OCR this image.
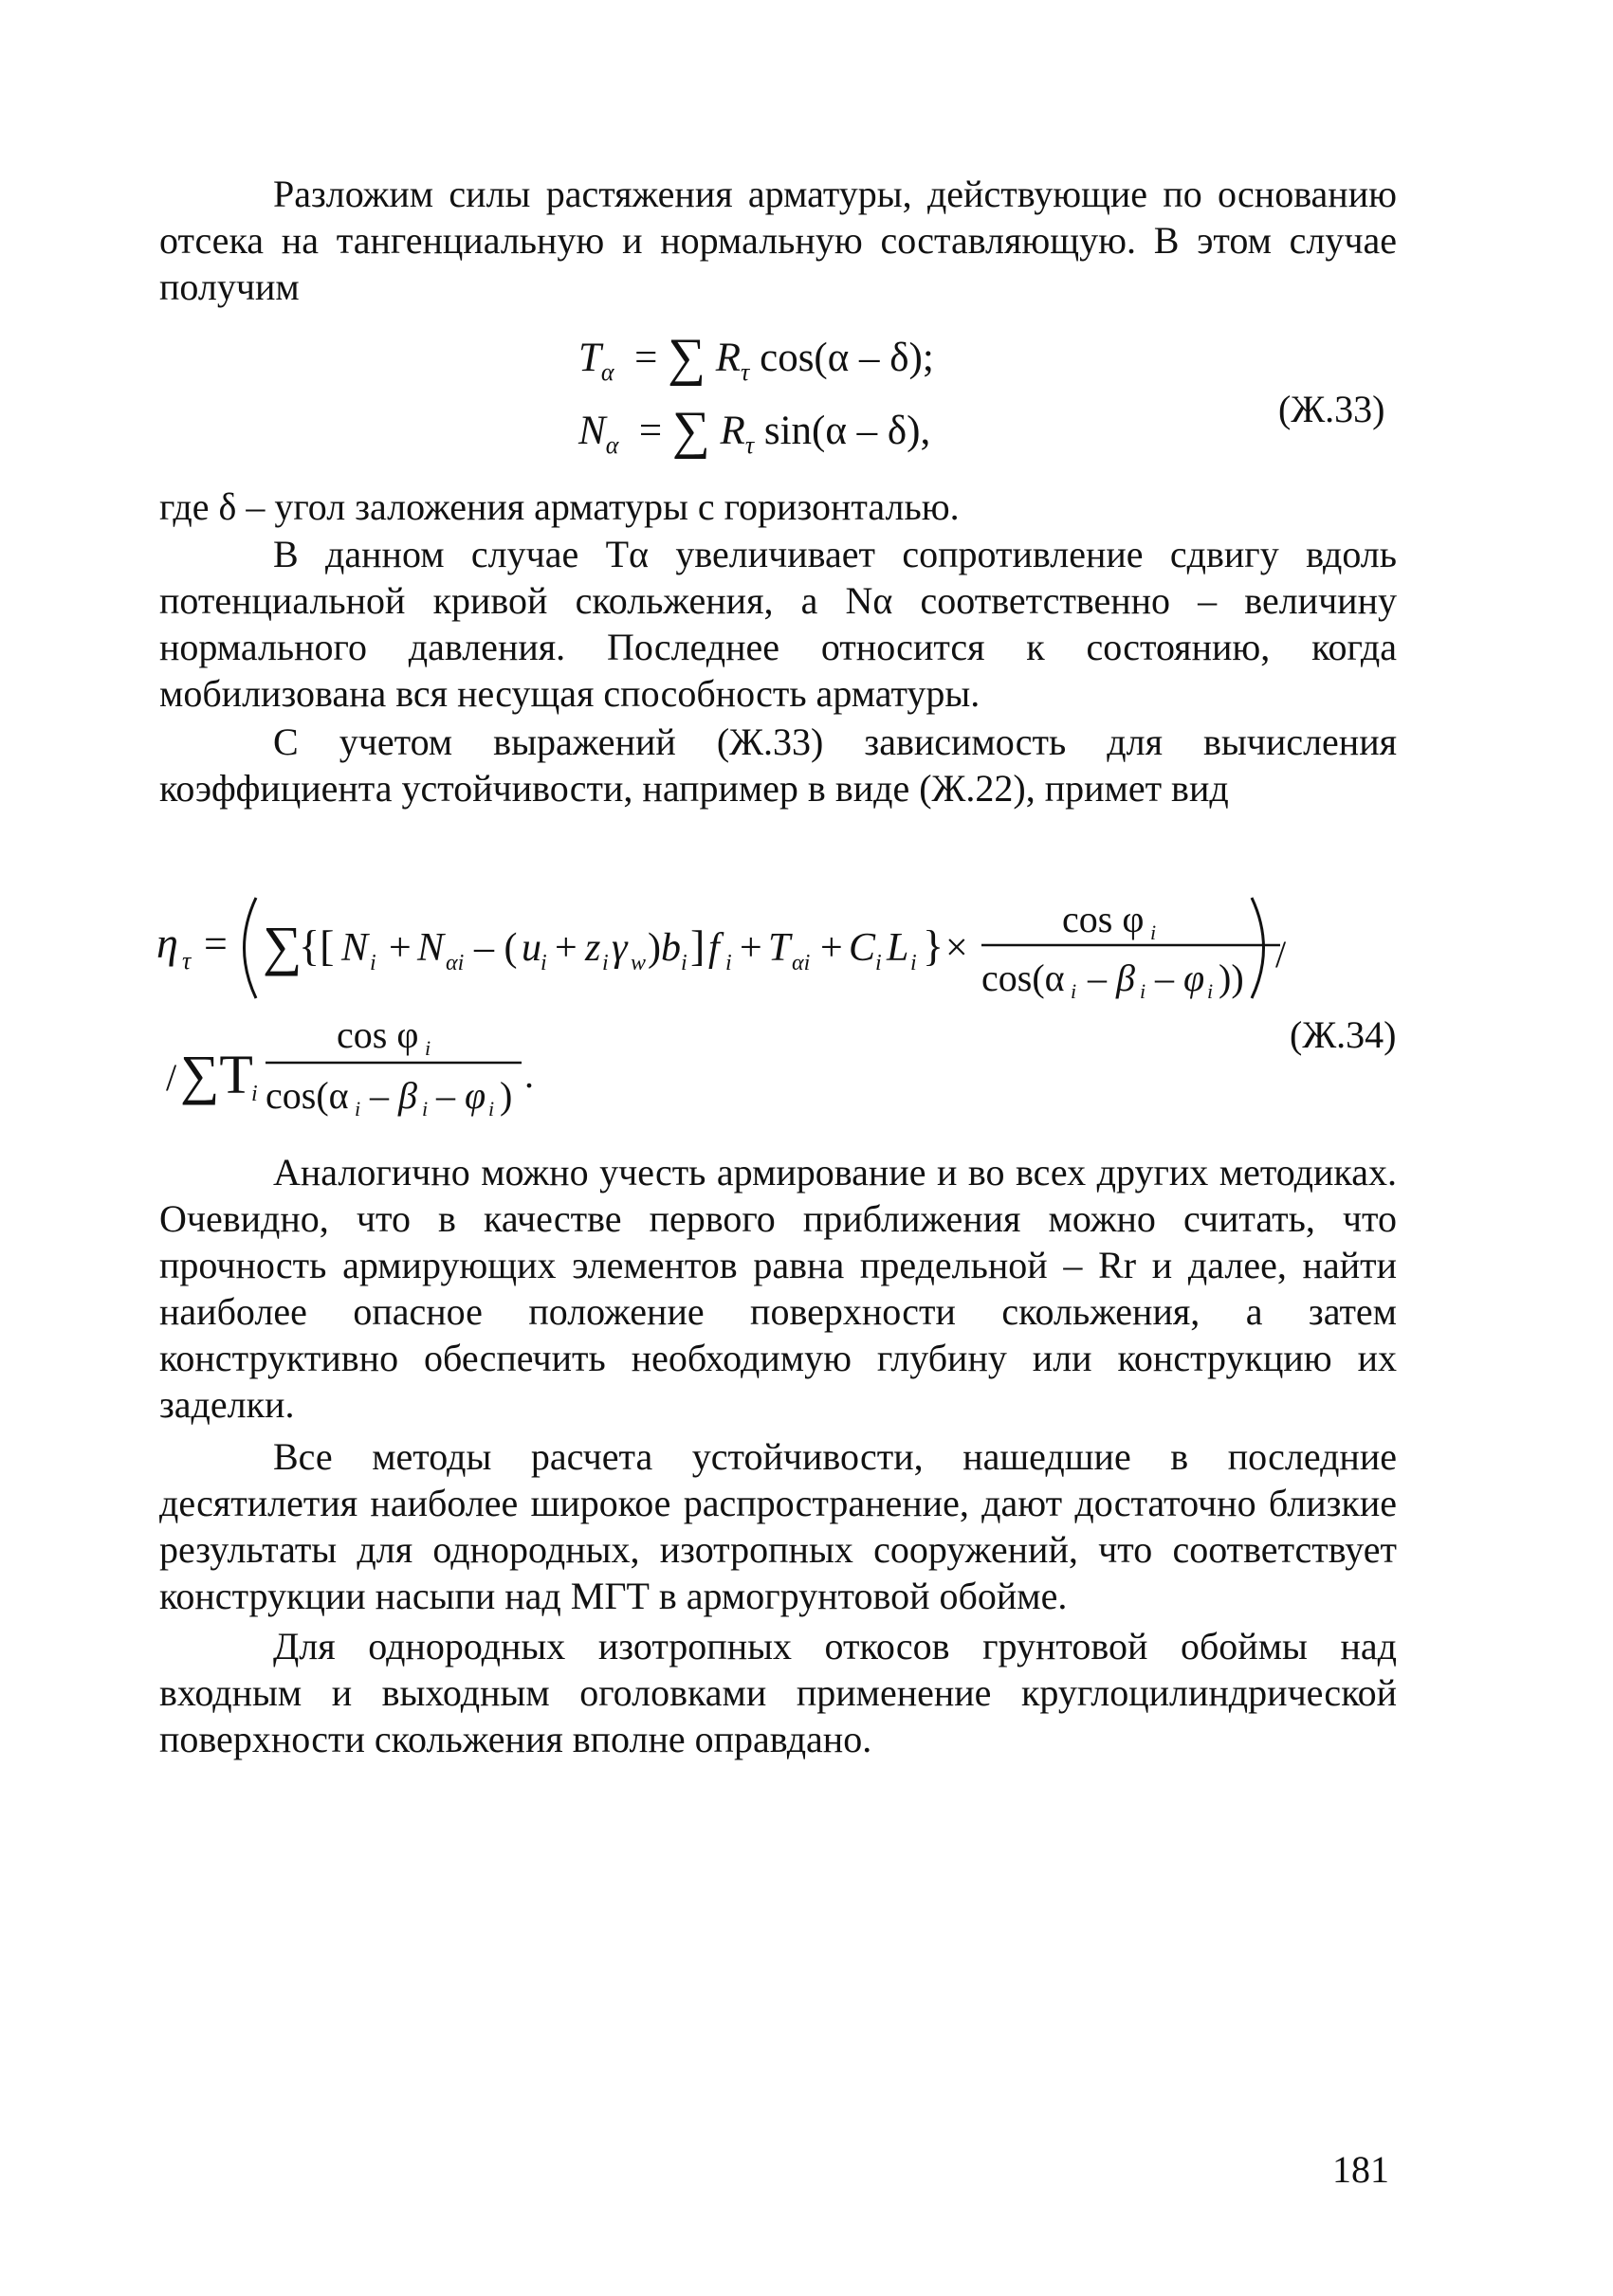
Разложим силы растяжения арматуры, действующие по основанию отсека на тангенциальную и нормальную составляющую. В этом случае получим

$T_\alpha$  = ∑ $R_\tau$ cos(α – δ);
$N_\alpha$  = ∑ $R_\tau$ sin(α – δ),	(Ж.33)

где δ – угол заложения арматуры с горизонталью.

В данном случае Тα увеличивает сопротивление сдвигу вдоль потенциальной кривой скольжения, а Nα соответственно – величину нормального давления. Последнее относится к состоянию, когда мобилизована вся несущая способность арматуры.

С учетом выражений (Ж.33) зависимость для вычисления коэффициента устойчивости, например в виде (Ж.22), примет вид

η τ = ∑
{[ N i + N αi – ( u i + z i γ w ) b i ] f i + T αi + C i L i } ×
cos φ i
cos(α i – β i – φ i ))
/
/ ∑T
i
cos φ i
cos(α i – β i – φ i ) .
(Ж.34)

Аналогично можно учесть армирование и во всех других методиках. Очевидно, что в качестве первого приближения можно считать, что прочность армирующих элементов равна предельной – Rr и далее, найти наиболее опасное положение поверхности скольжения, а затем конструктивно обеспечить необходимую глубину или конструкцию их заделки.

Все методы расчета устойчивости, нашедшие в последние десятилетия наиболее широкое распространение, дают достаточно близкие результаты для однородных, изотропных сооружений, что соответствует конструкции насыпи над МГТ в армогрунтовой обойме.

Для однородных изотропных откосов грунтовой обоймы над входным и выходным оголовками применение круглоцилиндрической поверхности скольжения вполне оправдано.

181
